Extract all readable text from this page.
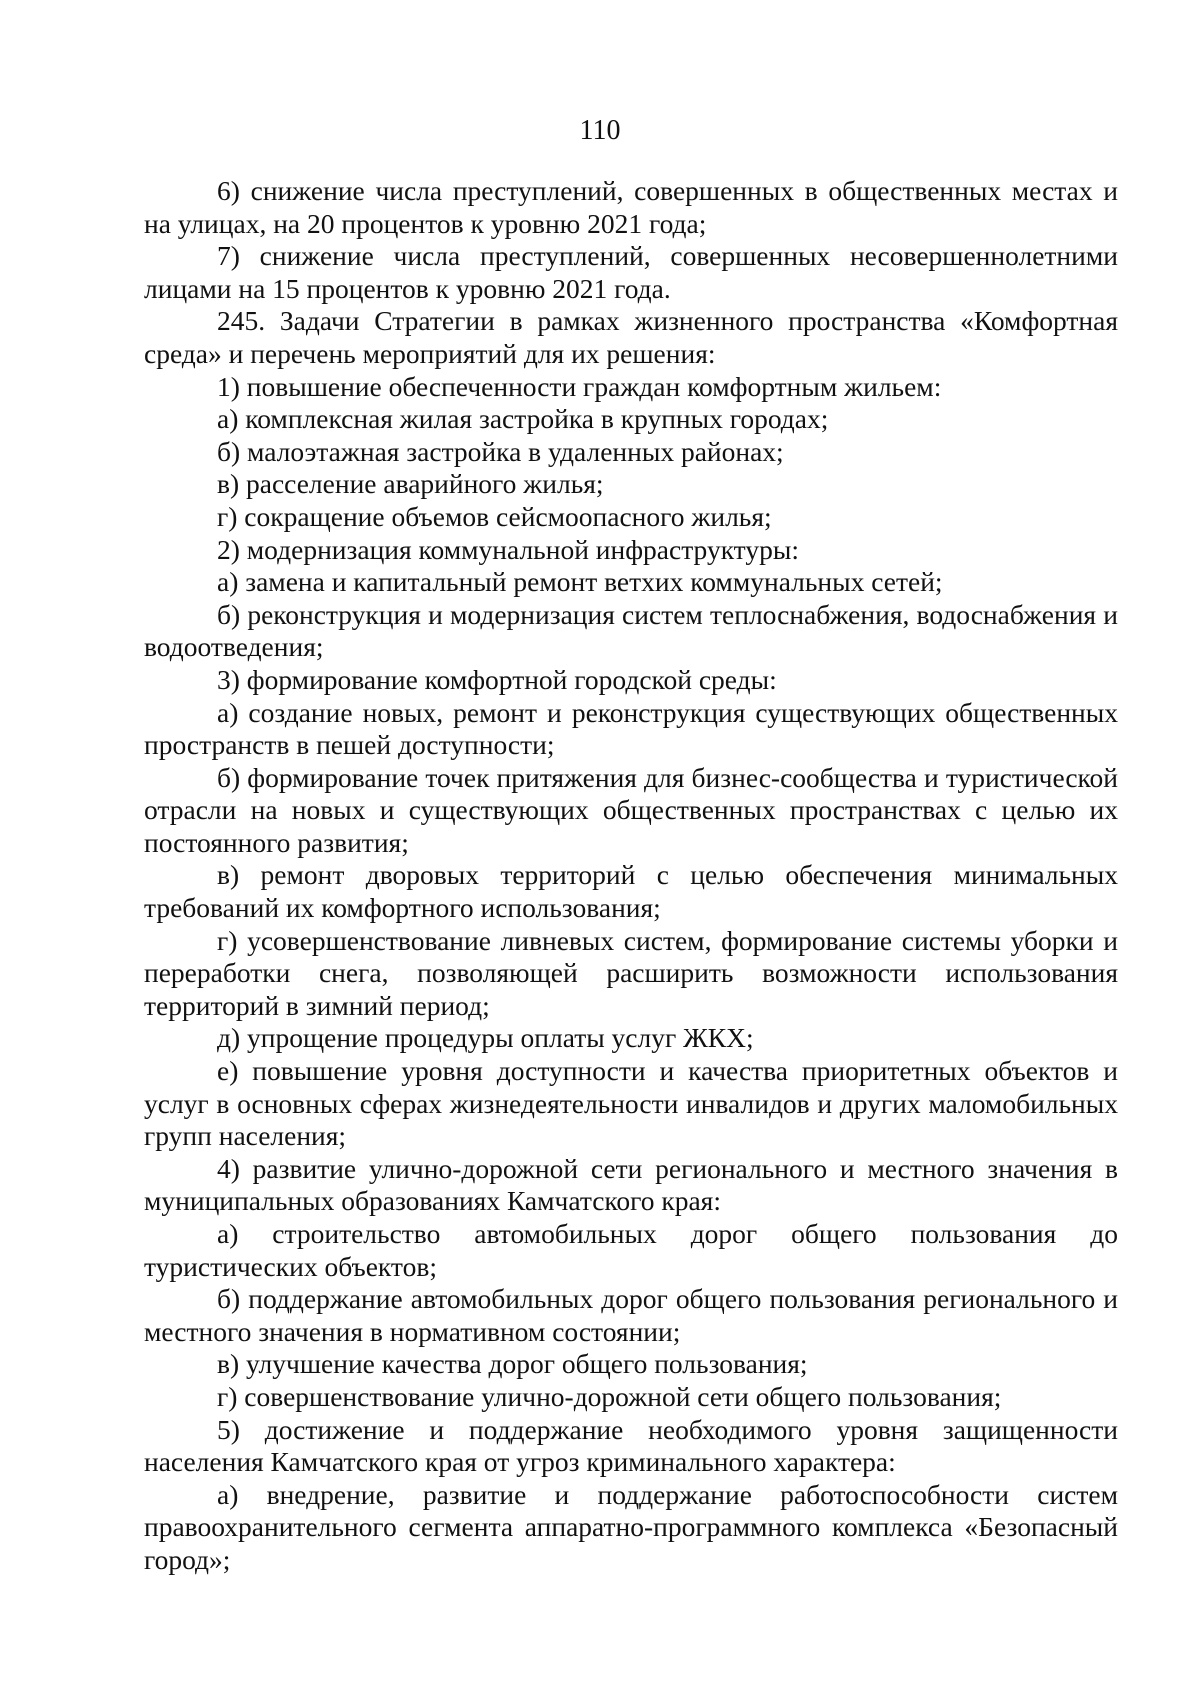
110

6) снижение числа преступлений, совершенных в общественных местах и на улицах, на 20 процентов к уровню 2021 года;

7) снижение числа преступлений, совершенных несовершеннолетними лицами на 15 процентов к уровню 2021 года.

245. Задачи Стратегии в рамках жизненного пространства «Комфортная среда» и перечень мероприятий для их решения:

1) повышение обеспеченности граждан комфортным жильем:

а) комплексная жилая застройка в крупных городах;

б) малоэтажная застройка в удаленных районах;

в) расселение аварийного жилья;

г) сокращение объемов сейсмоопасного жилья;

2) модернизация коммунальной инфраструктуры:

а) замена и капитальный ремонт ветхих коммунальных сетей;

б) реконструкция и модернизация систем теплоснабжения, водоснабжения и водоотведения;

3) формирование комфортной городской среды:

а) создание новых, ремонт и реконструкция существующих общественных пространств в пешей доступности;

б) формирование точек притяжения для бизнес-сообщества и туристической отрасли на новых и существующих общественных пространствах с целью их постоянного развития;

в) ремонт дворовых территорий с целью обеспечения минимальных требований их комфортного использования;

г) усовершенствование ливневых систем, формирование системы уборки и переработки снега, позволяющей расширить возможности использования территорий в зимний период;

д) упрощение процедуры оплаты услуг ЖКХ;

е) повышение уровня доступности и качества приоритетных объектов и услуг в основных сферах жизнедеятельности инвалидов и других маломобильных групп населения;

4) развитие улично-дорожной сети регионального и местного значения в муниципальных образованиях Камчатского края:

а) строительство автомобильных дорог общего пользования до туристических объектов;

б) поддержание автомобильных дорог общего пользования регионального и местного значения в нормативном состоянии;

в) улучшение качества дорог общего пользования;

г) совершенствование улично-дорожной сети общего пользования;

5) достижение и поддержание необходимого уровня защищенности населения Камчатского края от угроз криминального характера:

а) внедрение, развитие и поддержание работоспособности систем правоохранительного сегмента аппаратно-программного комплекса «Безопасный город»;
